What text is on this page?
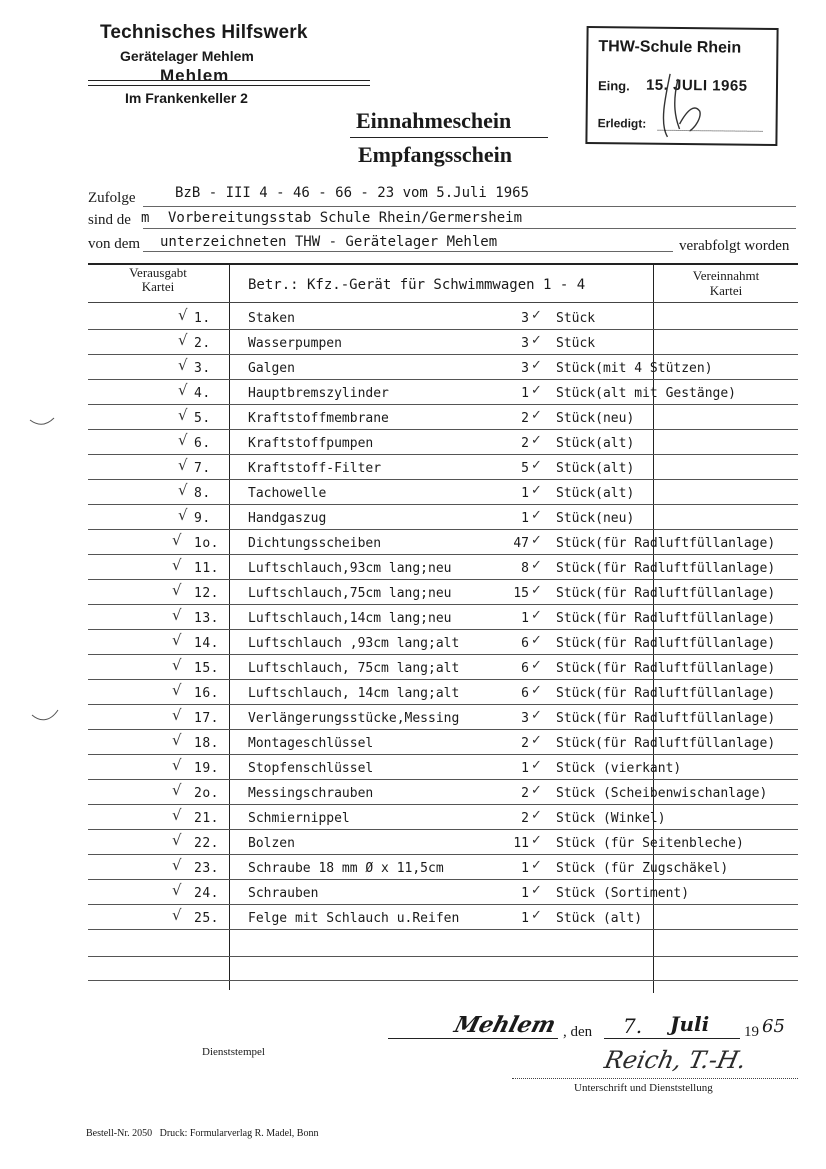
Technisches Hilfswerk
Gerätelager Mehlem
Mehlem
Im Frankenkeller 2
THW-Schule Rhein
Eing. 15. JULI 1965
Erledigt:
Einnahmeschein
Empfangsschein
Zufolge	BzB - III 4 - 46 - 66 - 23 vom 5.Juli 1965
sind de m Vorbereitungsstab Schule Rhein/Germersheim
von dem unterzeichneten THW - Gerätelager Mehlem	verabfolgt worden
Verausgabt
Kartei	Betr.: Kfz.-Gerät für Schwimmwagen 1 - 4
Vereinnahmt
Kartei
√ 1.	Staken	3 ✓ Stück
√ 2.	Wasserpumpen	3 ✓ Stück
√ 3.	Galgen	3 ✓ Stück(mit 4 Stützen)
√ 4.	Hauptbremszylinder	1 ✓ Stück(alt mit Gestänge)
√ 5.	Kraftstoffmembrane	2 ✓ Stück(neu)
√ 6.	Kraftstoffpumpen	2 ✓ Stück(alt)
√ 7.	Kraftstoff-Filter	5 ✓ Stück(alt)
√ 8.	Tachowelle	1 ✓ Stück(alt)
√ 9.	Handgaszug	1 ✓ Stück(neu)
√ 1o. Dichtungsscheiben	47 ✓ Stück(für Radluftfüllanlage)
√ 11. Luftschlauch,93cm lang;neu	8 ✓ Stück(für Radluftfüllanlage)
√ 12. Luftschlauch,75cm lang;neu	15 ✓ Stück(für Radluftfüllanlage)
√ 13. Luftschlauch,14cm lang;neu	1 ✓ Stück(für Radluftfüllanlage)
√ 14. Luftschlauch ,93cm lang;alt	6 ✓ Stück(für Radluftfüllanlage)
√ 15. Luftschlauch, 75cm lang;alt	6 ✓ Stück(für Radluftfüllanlage)
√ 16. Luftschlauch, 14cm lang;alt	6 ✓ Stück(für Radluftfüllanlage)
√ 17. Verlängerungsstücke,Messing	3 ✓ Stück(für Radluftfüllanlage)
√ 18. Montageschlüssel	2 ✓ Stück(für Radluftfüllanlage)
√ 19. Stopfenschlüssel	1 ✓ Stück (vierkant)
√ 2o. Messingschrauben	2 ✓ Stück (Scheibenwischanlage)
√ 21. Schmiernippel	2 ✓ Stück (Winkel)
√ 22. Bolzen	11 ✓ Stück (für Seitenbleche)
√ 23. Schraube 18 mm Ø x 11,5cm	1 ✓ Stück (für Zugschäkel)
√ 24. Schrauben	1 ✓ Stück (Sortiment)
√ 25. Felge mit Schlauch u.Reifen	1 ✓ Stück (alt)
Mehlem , den 7. Juli 19 65
Dienststempel	Reich, T.-H.
Unterschrift und Dienststellung
Bestell-Nr. 2050   Druck: Formularverlag R. Madel, Bonn
